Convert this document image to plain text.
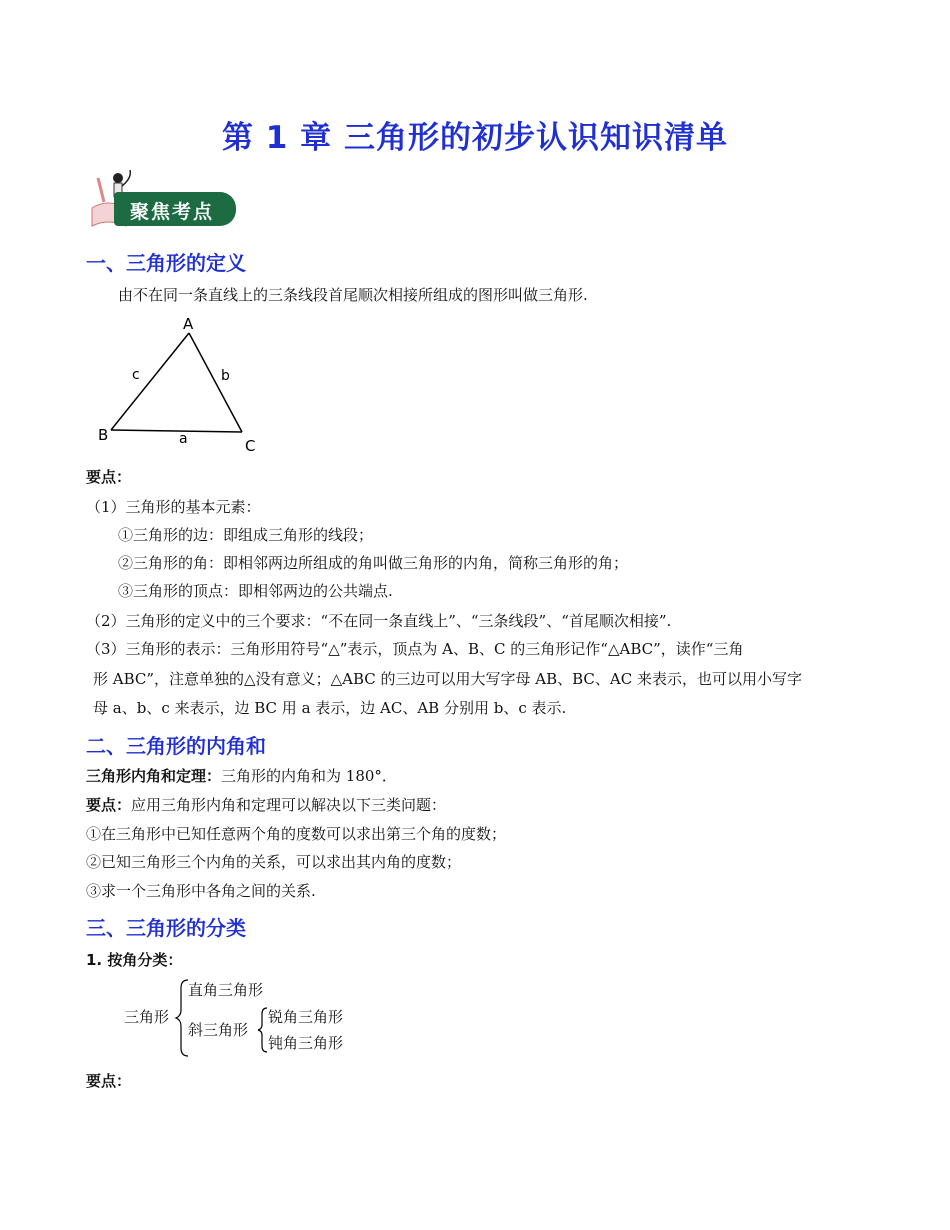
第 1 章 三角形的初步认识知识清单
聚焦考点
一、三角形的定义
由不在同一条直线上的三条线段首尾顺次相接所组成的图形叫做三角形.
A
B
C
c	b
a
要点：
（1）三角形的基本元素：
①三角形的边：即组成三角形的线段；
②三角形的角：即相邻两边所组成的角叫做三角形的内角，简称三角形的角；
③三角形的顶点：即相邻两边的公共端点.
（2）三角形的定义中的三个要求：“不在同一条直线上”、“三条线段”、“首尾顺次相接”.
（3）三角形的表示：三角形用符号“△”表示，顶点为 A、B、C 的三角形记作“△ABC”，读作“三角
形 ABC”，注意单独的△没有意义；△ABC 的三边可以用大写字母 AB、BC、AC 来表示，也可以用小写字
母 a、b、c 来表示，边 BC 用 a 表示，边 AC、AB 分别用 b、c 表示.
二、三角形的内角和
三角形内角和定理：三角形的内角和为 180°．
要点：应用三角形内角和定理可以解决以下三类问题：
①在三角形中已知任意两个角的度数可以求出第三个角的度数；
②已知三角形三个内角的关系，可以求出其内角的度数；
③求一个三角形中各角之间的关系.
三、三角形的分类
1. 按角分类：
三角形
直角三角形
斜三角形
锐角三角形
钝角三角形
要点：
